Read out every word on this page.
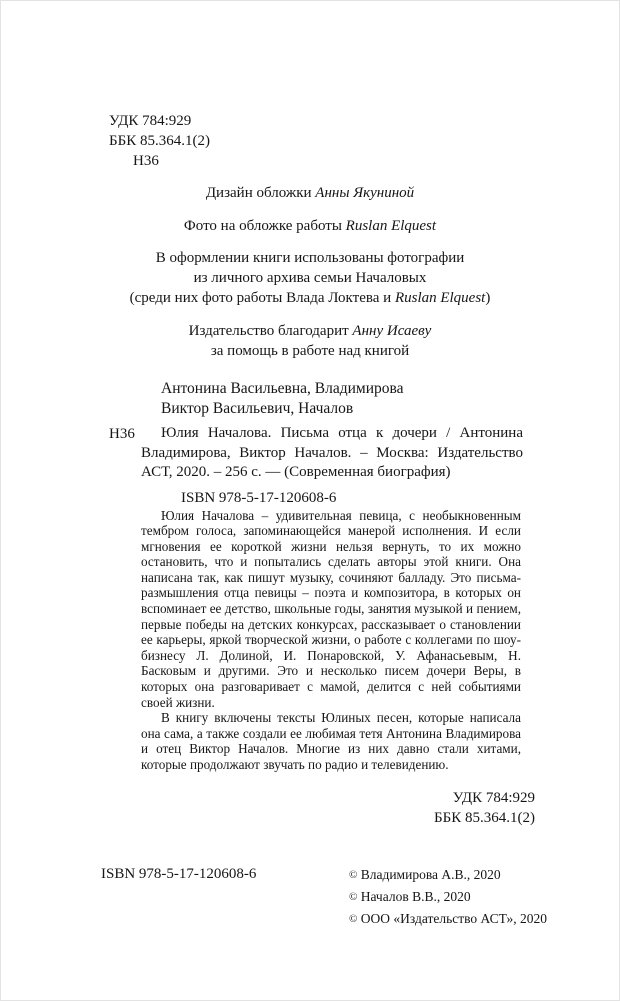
УДК 784:929
ББК 85.364.1(2)
Н36
Дизайн обложки Анны Якуниной
Фото на обложке работы Ruslan Elquest
В оформлении книги использованы фотографии
из личного архива семьи Началовых
(среди них фото работы Влада Локтева и Ruslan Elquest)
Издательство благодарит Анну Исаеву
за помощь в работе над книгой
Антонина Васильевна, Владимирова
Виктор Васильевич, Началов
Н36	Юлия Началова. Письма отца к дочери / Антонина Владимирова, Виктор Началов. – Москва: Издательство АСТ, 2020. – 256 с. — (Современная биография)

ISBN 978-5-17-120608-6

Юлия Началова – удивительная певица, с необыкновенным тембром голоса, запоминающейся манерой исполнения. И если мгновения ее короткой жизни нельзя вернуть, то их можно остановить, что и попытались сделать авторы этой книги. Она написана так, как пишут музыку, сочиняют балладу. Это письма-размышления отца певицы – поэта и композитора, в которых он вспоминает ее детство, школьные годы, занятия музыкой и пением, первые победы на детских конкурсах, рассказывает о становлении ее карьеры, яркой творческой жизни, о работе с коллегами по шоу-бизнесу Л. Долиной, И. Понаровской, У. Афанасьевым, Н. Басковым и другими. Это и несколько писем дочери Веры, в которых она разговаривает с мамой, делится с ней событиями своей жизни.

В книгу включены тексты Юлиных песен, которые написала она сама, а также создали ее любимая тетя Антонина Владимирова и отец Виктор Началов. Многие из них давно стали хитами, которые продолжают звучать по радио и телевидению.

УДК 784:929
ББК 85.364.1(2)
ISBN 978-5-17-120608-6	© Владимирова А.В., 2020
© Началов В.В., 2020
© ООО «Издательство АСТ», 2020
